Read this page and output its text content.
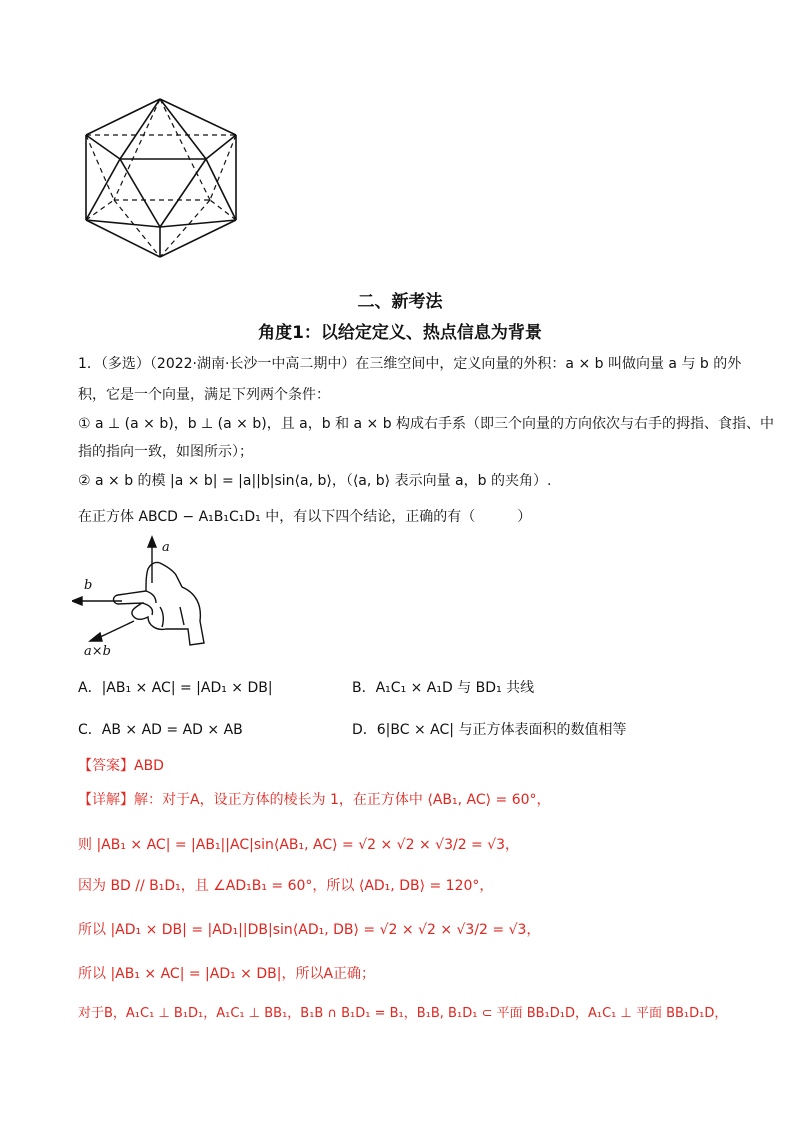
二、新考法
角度1：以给定定义、热点信息为背景
1．（多选）（2022·湖南·长沙一中高二期中）在三维空间中，定义向量的外积：a × b 叫做向量 a 与 b 的外
积，它是一个向量，满足下列两个条件：
① a ⊥ (a × b)，b ⊥ (a × b)，且 a，b 和 a × b 构成右手系（即三个向量的方向依次与右手的拇指、食指、中
指的指向一致，如图所示）；
② a × b 的模 |a × b| = |a||b|sin⟨a, b⟩，（⟨a, b⟩ 表示向量 a，b 的夹角）.
在正方体 ABCD − A₁B₁C₁D₁ 中，有以下四个结论，正确的有（　　　）
a
b
a×b
A．|AB₁ × AC| = |AD₁ × DB|	B．A₁C₁ × A₁D 与 BD₁ 共线
C．AB × AD = AD × AB	D．6|BC × AC| 与正方体表面积的数值相等
【答案】ABD
【详解】解：对于A，设正方体的棱长为 1，在正方体中 ⟨AB₁, AC⟩ = 60°，
则 |AB₁ × AC| = |AB₁||AC|sin⟨AB₁, AC⟩ = √2 × √2 × √3/2 = √3，
因为 BD // B₁D₁，且 ∠AD₁B₁ = 60°，所以 ⟨AD₁, DB⟩ = 120°，
所以 |AD₁ × DB| = |AD₁||DB|sin⟨AD₁, DB⟩ = √2 × √2 × √3/2 = √3，
所以 |AB₁ × AC| = |AD₁ × DB|，所以A正确；
对于B，A₁C₁ ⊥ B₁D₁，A₁C₁ ⊥ BB₁，B₁B ∩ B₁D₁ = B₁，B₁B, B₁D₁ ⊂ 平面 BB₁D₁D，A₁C₁ ⊥ 平面 BB₁D₁D，
